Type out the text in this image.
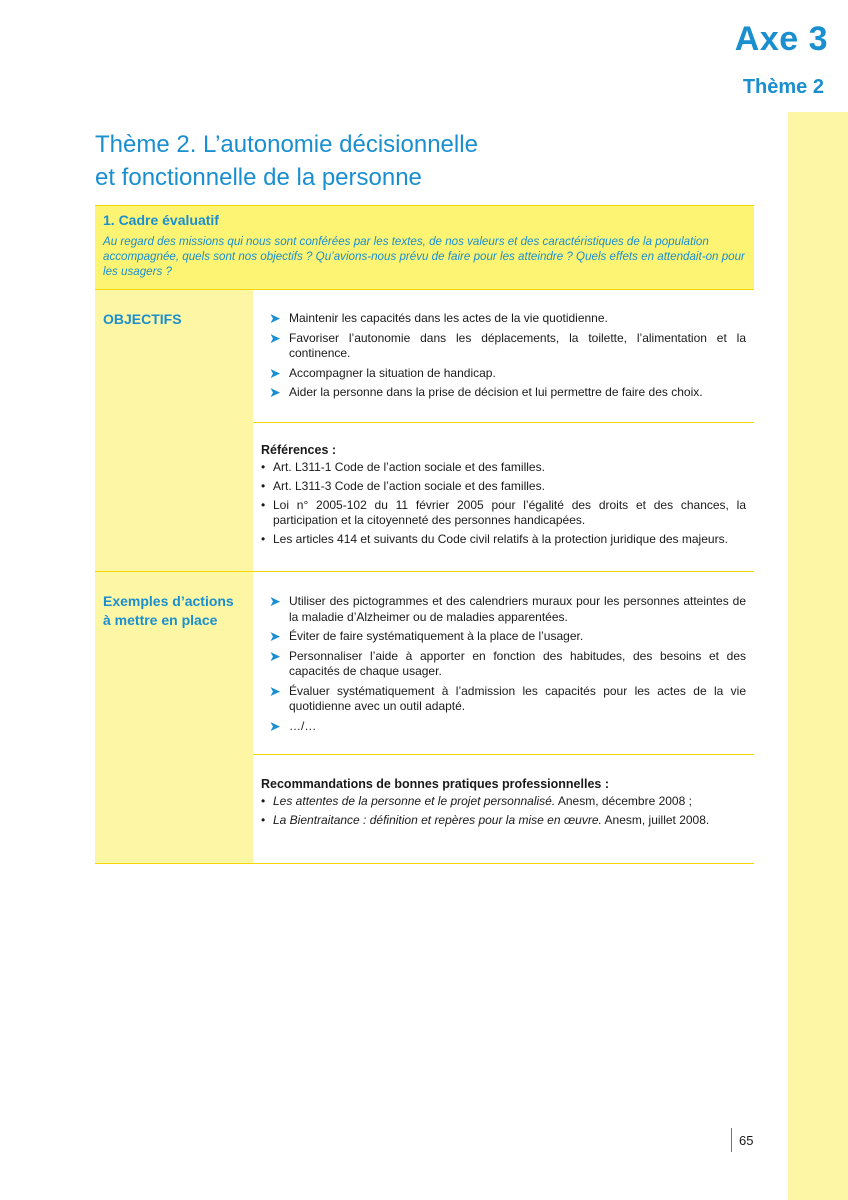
Axe 3
Thème 2
Thème 2. L’autonomie décisionnelle
et fonctionnelle de la personne
1. Cadre évaluatif
Au regard des missions qui nous sont conférées par les textes, de nos valeurs et des caractéristiques de la population accompagnée, quels sont nos objectifs ? Qu’avions-nous prévu de faire pour les atteindre ? Quels effets en attendait-on pour les usagers ?
OBJECTIFS	➤ Maintenir les capacités dans les actes de la vie quotidienne.
➤ Favoriser l’autonomie dans les déplacements, la toilette, l’alimentation et la continence.
➤ Accompagner la situation de handicap.
➤ Aider la personne dans la prise de décision et lui permettre de faire des choix.
Références :
• Art. L311-1 Code de l’action sociale et des familles.
• Art. L311-3 Code de l’action sociale et des familles.
• Loi n° 2005-102 du 11 février 2005 pour l’égalité des droits et des chances, la participation et la citoyenneté des personnes handicapées.
• Les articles 414 et suivants du Code civil relatifs à la protection juridique des majeurs.
Exemples d’actions
à mettre en place
➤ Utiliser des pictogrammes et des calendriers muraux pour les personnes atteintes de la maladie d’Alzheimer ou de maladies apparentées.
➤ Éviter de faire systématiquement à la place de l’usager.
➤ Personnaliser l’aide à apporter en fonction des habitudes, des besoins et des capacités de chaque usager.
➤ Évaluer systématiquement à l’admission les capacités pour les actes de la vie quotidienne avec un outil adapté.
➤ …/…
Recommandations de bonnes pratiques professionnelles :
• Les attentes de la personne et le projet personnalisé. Anesm, décembre 2008 ;
• La Bientraitance : définition et repères pour la mise en œuvre. Anesm, juillet 2008.
65
